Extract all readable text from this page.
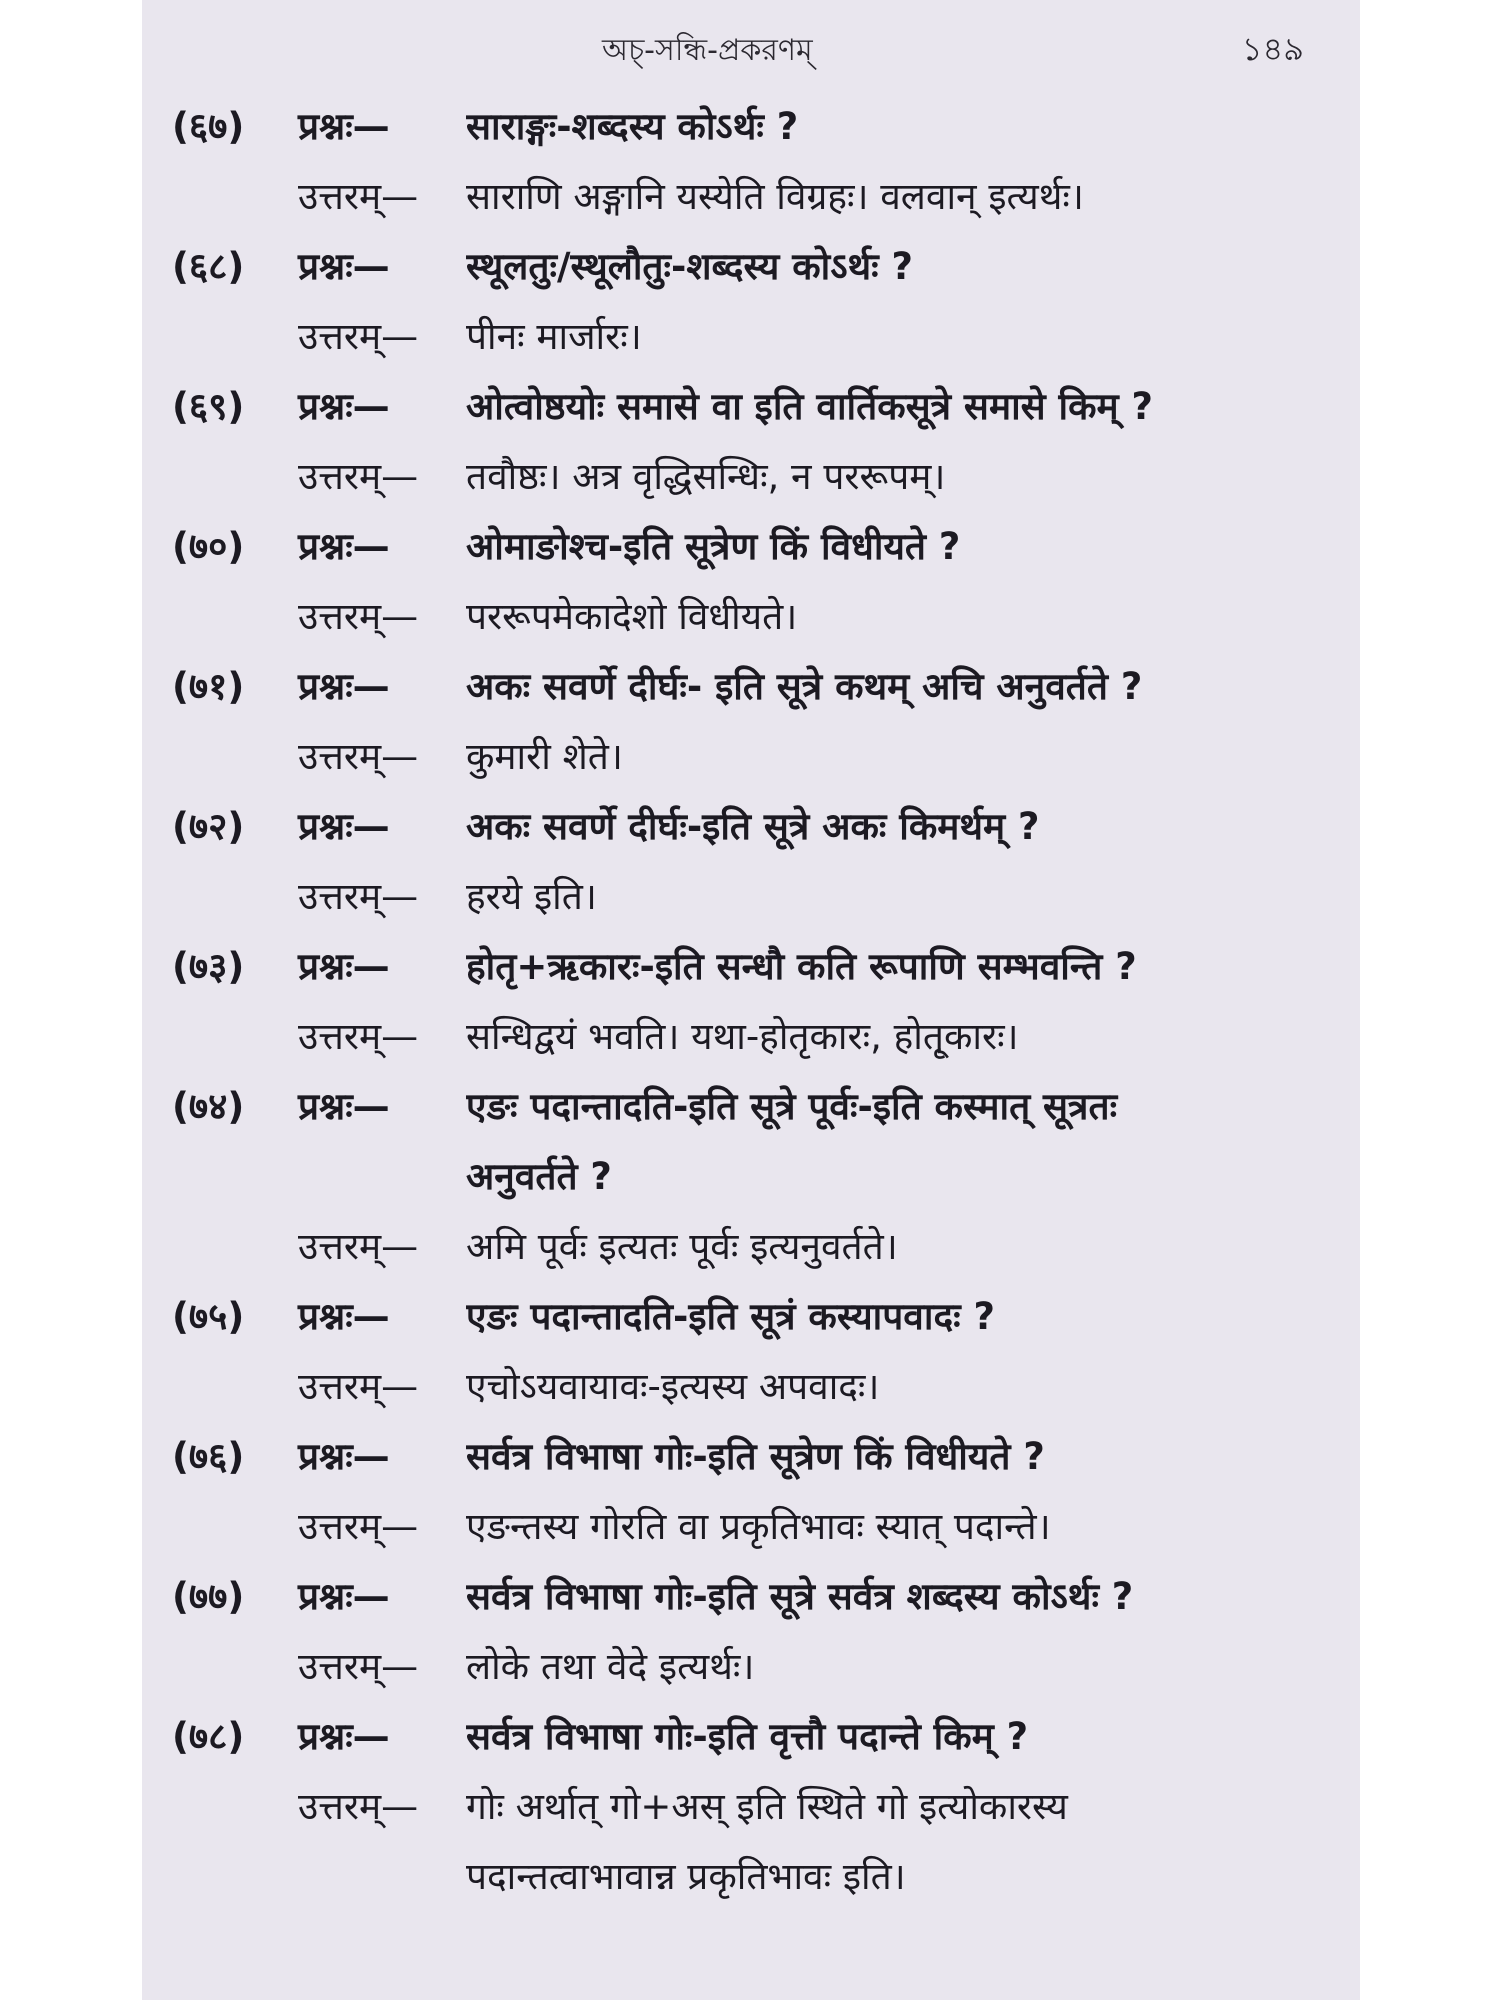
অচ্-সন্ধি-প্রকরণম্	১৪৯
(६७)	प्रश्नः—	साराङ्गः-शब्दस्य कोऽर्थः ?
उत्तरम्—	साराणि अङ्गानि यस्येति विग्रहः। वलवान् इत्यर्थः।
(६८)	प्रश्नः—	स्थूलतुः/स्थूलौतुः-शब्दस्य कोऽर्थः ?
उत्तरम्—	पीनः मार्जारः।
(६९)	प्रश्नः—	ओत्वोष्ठयोः समासे वा इति वार्तिकसूत्रे समासे किम् ?
उत्तरम्—	तवौष्ठः। अत्र वृद्धिसन्धिः, न पररूपम्।
(७०)	प्रश्नः—	ओमाङोश्च-इति सूत्रेण किं विधीयते ?
उत्तरम्—	पररूपमेकादेशो विधीयते।
(७१)	प्रश्नः—	अकः सवर्णे दीर्घः- इति सूत्रे कथम् अचि अनुवर्तते ?
उत्तरम्—	कुमारी शेते।
(७२)	प्रश्नः—	अकः सवर्णे दीर्घः-इति सूत्रे अकः किमर्थम् ?
उत्तरम्—	हरये इति।
(७३)	प्रश्नः—	होतृ+ऋकारः-इति सन्धौ कति रूपाणि सम्भवन्ति ?
उत्तरम्—	सन्धिद्वयं भवति। यथा-होतृकारः, होतृ्कारः।
(७४)	प्रश्नः—	एङः पदान्तादति-इति सूत्रे पूर्वः-इति कस्मात् सूत्रतः
अनुवर्तते ?
उत्तरम्—	अमि पूर्वः इत्यतः पूर्वः इत्यनुवर्तते।
(७५)	प्रश्नः—	एङः पदान्तादति-इति सूत्रं कस्यापवादः ?
उत्तरम्—	एचोऽयवायावः-इत्यस्य अपवादः।
(७६)	प्रश्नः—	सर्वत्र विभाषा गोः-इति सूत्रेण किं विधीयते ?
उत्तरम्—	एङन्तस्य गोरति वा प्रकृतिभावः स्यात् पदान्ते।
(७७)	प्रश्नः—	सर्वत्र विभाषा गोः-इति सूत्रे सर्वत्र शब्दस्य कोऽर्थः ?
उत्तरम्—	लोके तथा वेदे इत्यर्थः।
(७८)	प्रश्नः—	सर्वत्र विभाषा गोः-इति वृत्तौ पदान्ते किम् ?
उत्तरम्—	गोः अर्थात् गो+अस् इति स्थिते गो इत्योकारस्य
पदान्तत्वाभावान्न प्रकृतिभावः इति।
